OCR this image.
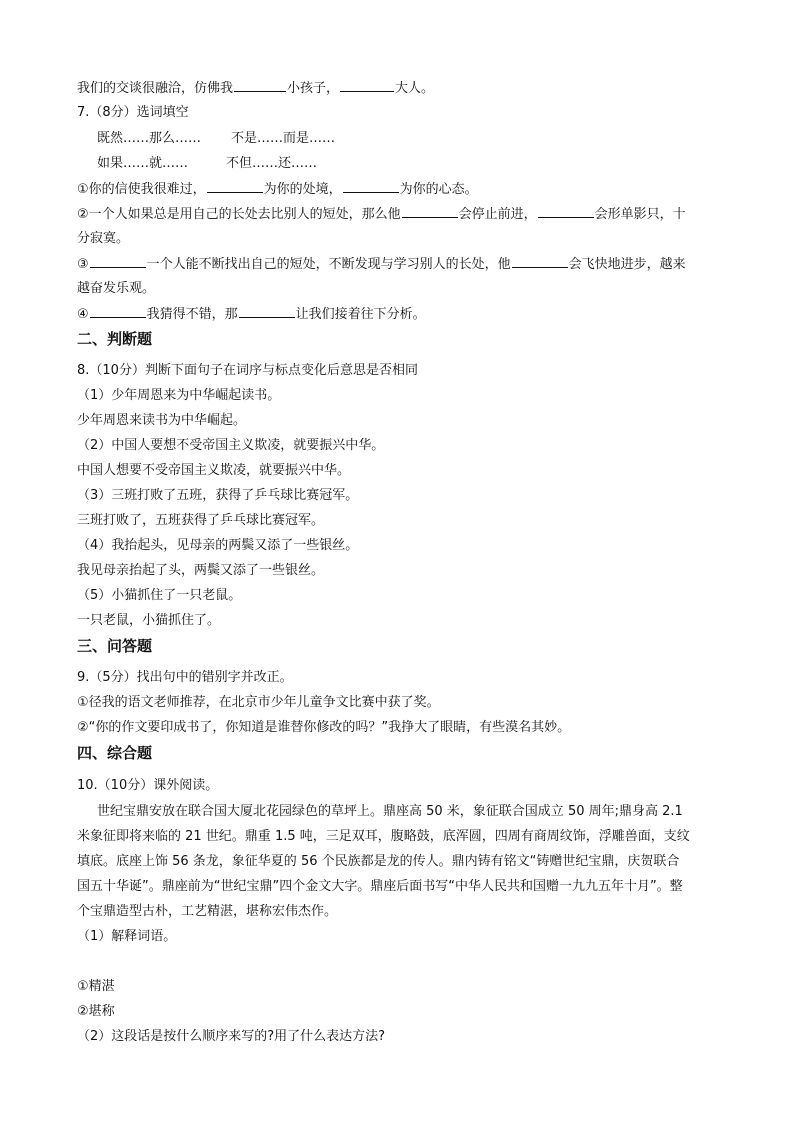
我们的交谈很融洽，仿佛我	小孩子，	大人。
7.（8分）选词填空
既然……那么…… 不是……而是……
如果……就……	不但……还……
①你的信使我很难过，	为你的处境，	为你的心态。
②一个人如果总是用自己的长处去比别人的短处，那么他	会停止前进，	会形单影只，十
分寂寞。
③	一个人能不断找出自己的短处，不断发现与学习别人的长处，他	会飞快地进步，越来
越奋发乐观。
④	我猜得不错，那	让我们接着往下分析。
二、判断题
8.（10分）判断下面句子在词序与标点变化后意思是否相同
（1）少年周恩来为中华崛起读书。
少年周恩来读书为中华崛起。
（2）中国人要想不受帝国主义欺凌，就要振兴中华。
中国人想要不受帝国主义欺凌，就要振兴中华。
（3）三班打败了五班，获得了乒乓球比赛冠军。
三班打败了，五班获得了乒乓球比赛冠军。
（4）我抬起头，见母亲的两鬓又添了一些银丝。
我见母亲抬起了头，两鬓又添了一些银丝。
（5）小猫抓住了一只老鼠。
一只老鼠，小猫抓住了。
三、问答题
9.（5分）找出句中的错别字并改正。
①径我的语文老师推荐，在北京市少年儿童争文比赛中获了奖。
②“你的作文要印成书了，你知道是谁替你修改的吗？”我挣大了眼睛，有些漠名其妙。
四、综合题
10.（10分）课外阅读。
世纪宝鼎安放在联合国大厦北花园绿色的草坪上。鼎座高 50 米，象征联合国成立 50 周年;鼎身高 2.1
米象征即将来临的 21 世纪。鼎重 1.5 吨，三足双耳，腹略鼓，底浑圆，四周有商周纹饰，浮雕兽面，支纹
填底。底座上饰 56 条龙，象征华夏的 56 个民族都是龙的传人。鼎内铸有铭文“铸赠世纪宝鼎，庆贺联合
国五十华诞”。鼎座前为“世纪宝鼎”四个金文大字。鼎座后面书写“中华人民共和国赠一九九五年十月”。整
个宝鼎造型古朴，工艺精湛，堪称宏伟杰作。
（1）解释词语。
①精湛
②堪称
（2）这段话是按什么顺序来写的?用了什么表达方法?
